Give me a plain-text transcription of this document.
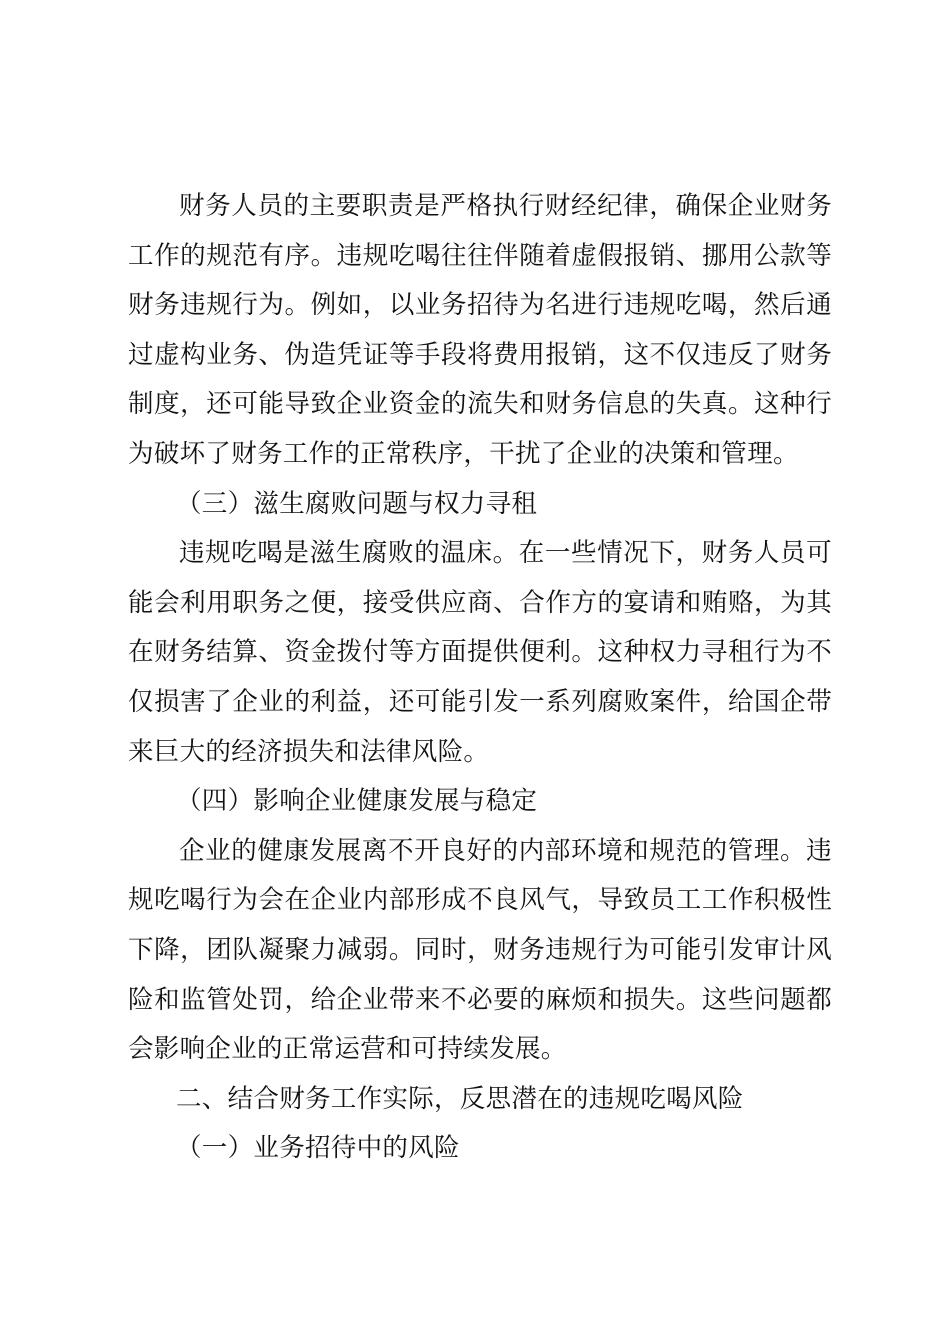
财务人员的主要职责是严格执行财经纪律，确保企业财务工作的规范有序。违规吃喝往往伴随着虚假报销、挪用公款等财务违规行为。例如，以业务招待为名进行违规吃喝，然后通过虚构业务、伪造凭证等手段将费用报销，这不仅违反了财务制度，还可能导致企业资金的流失和财务信息的失真。这种行为破坏了财务工作的正常秩序，干扰了企业的决策和管理。

（三）滋生腐败问题与权力寻租

违规吃喝是滋生腐败的温床。在一些情况下，财务人员可能会利用职务之便，接受供应商、合作方的宴请和贿赂，为其在财务结算、资金拨付等方面提供便利。这种权力寻租行为不仅损害了企业的利益，还可能引发一系列腐败案件，给国企带来巨大的经济损失和法律风险。

（四）影响企业健康发展与稳定

企业的健康发展离不开良好的内部环境和规范的管理。违规吃喝行为会在企业内部形成不良风气，导致员工工作积极性下降，团队凝聚力减弱。同时，财务违规行为可能引发审计风险和监管处罚，给企业带来不必要的麻烦和损失。这些问题都会影响企业的正常运营和可持续发展。

二、结合财务工作实际，反思潜在的违规吃喝风险

（一）业务招待中的风险
